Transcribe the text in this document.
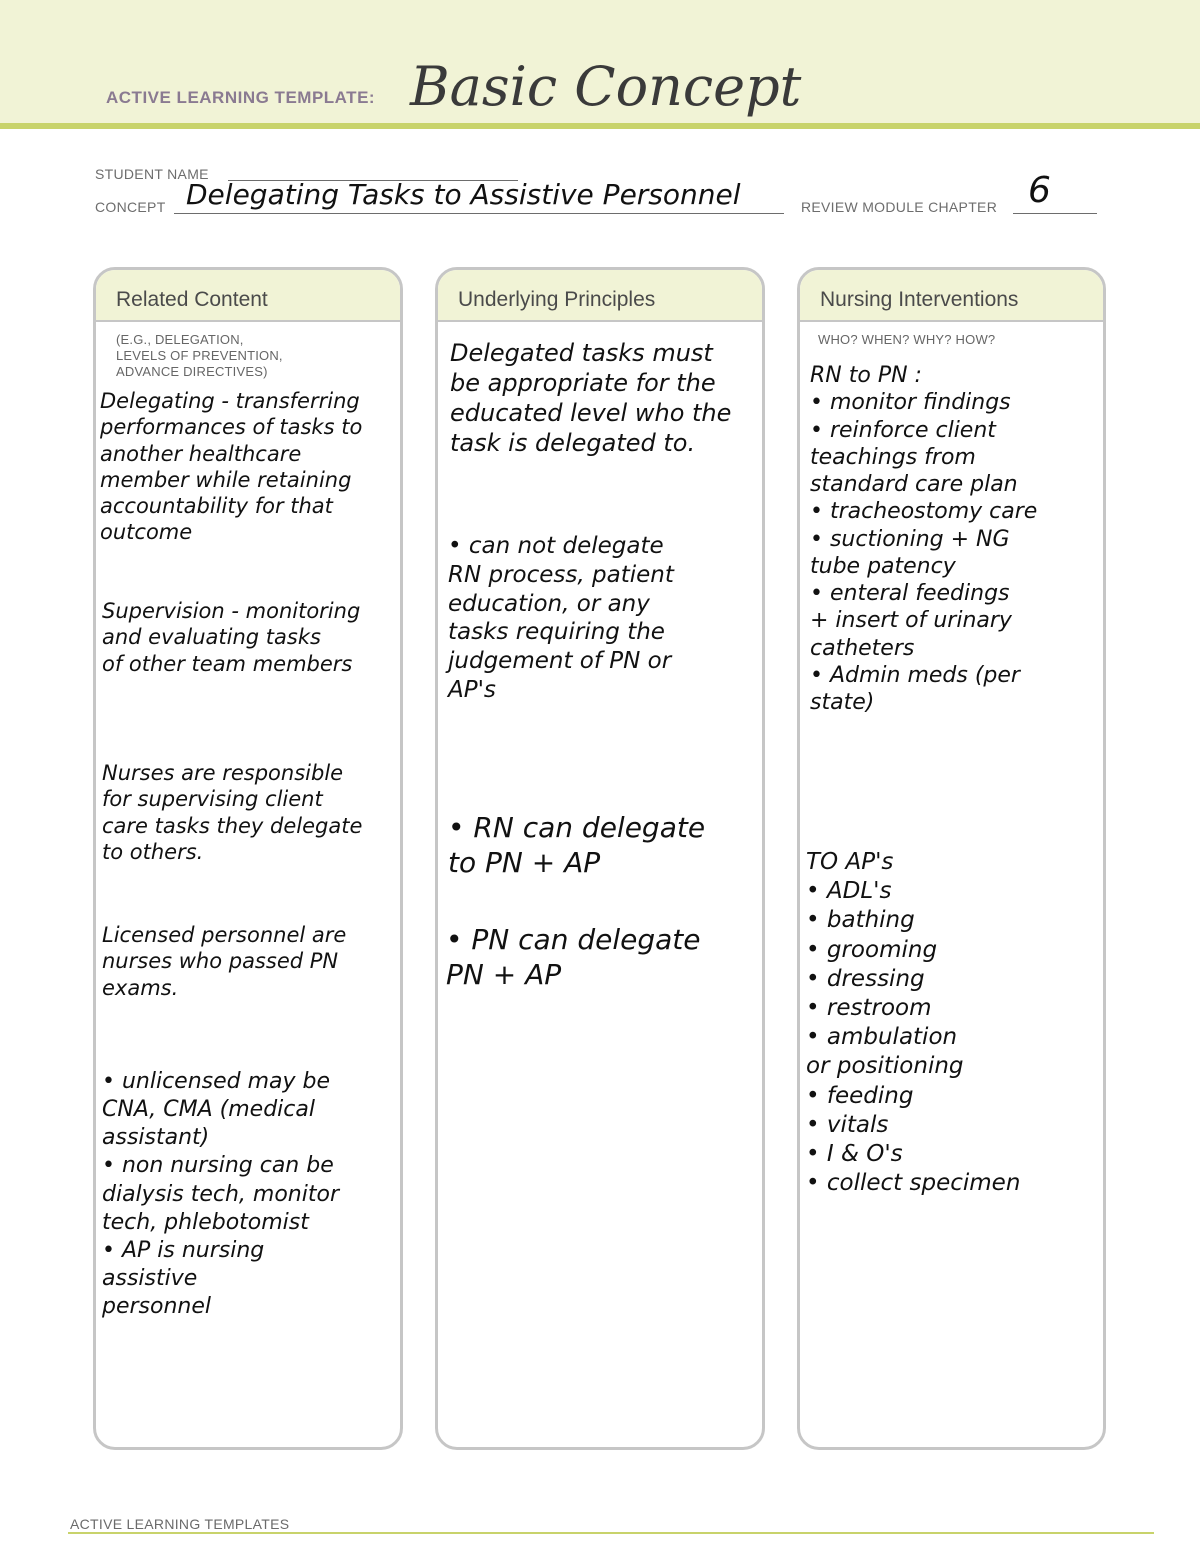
ACTIVE LEARNING TEMPLATE: Basic Concept
STUDENT NAME
CONCEPT Delegating Tasks to Assistive Personnel	REVIEW MODULE CHAPTER 6
Related Content
(E.G., DELEGATION,
LEVELS OF PREVENTION,
ADVANCE DIRECTIVES)
Delegating - transferring
performances of tasks to
another healthcare
member while retaining
accountability for that
outcome
Supervision - monitoring
and evaluating tasks
of other team members
Nurses are responsible
for supervising client
care tasks they delegate
to others.
Licensed personnel are
nurses who passed PN
exams.
• unlicensed may be
CNA, CMA (medical
assistant)
• non nursing can be
dialysis tech, monitor
tech, phlebotomist
• AP is nursing
assistive
personnel
Underlying Principles
Delegated tasks must
be appropriate for the
educated level who the
task is delegated to.
• can not delegate
RN process, patient
education, or any
tasks requiring the
judgement of PN or
AP's
• RN can delegate
to PN + AP
• PN can delegate
PN + AP
Nursing Interventions
WHO? WHEN? WHY? HOW?
RN to PN :
• monitor findings
• reinforce client
teachings from
standard care plan
• tracheostomy care
• suctioning + NG
tube patency
• enteral feedings
+ insert of urinary
catheters
• Admin meds (per
state)
TO AP's
• ADL's
• bathing
• grooming
• dressing
• restroom
• ambulation
or positioning
• feeding
• vitals
• I & O's
• collect specimen
ACTIVE LEARNING TEMPLATES
